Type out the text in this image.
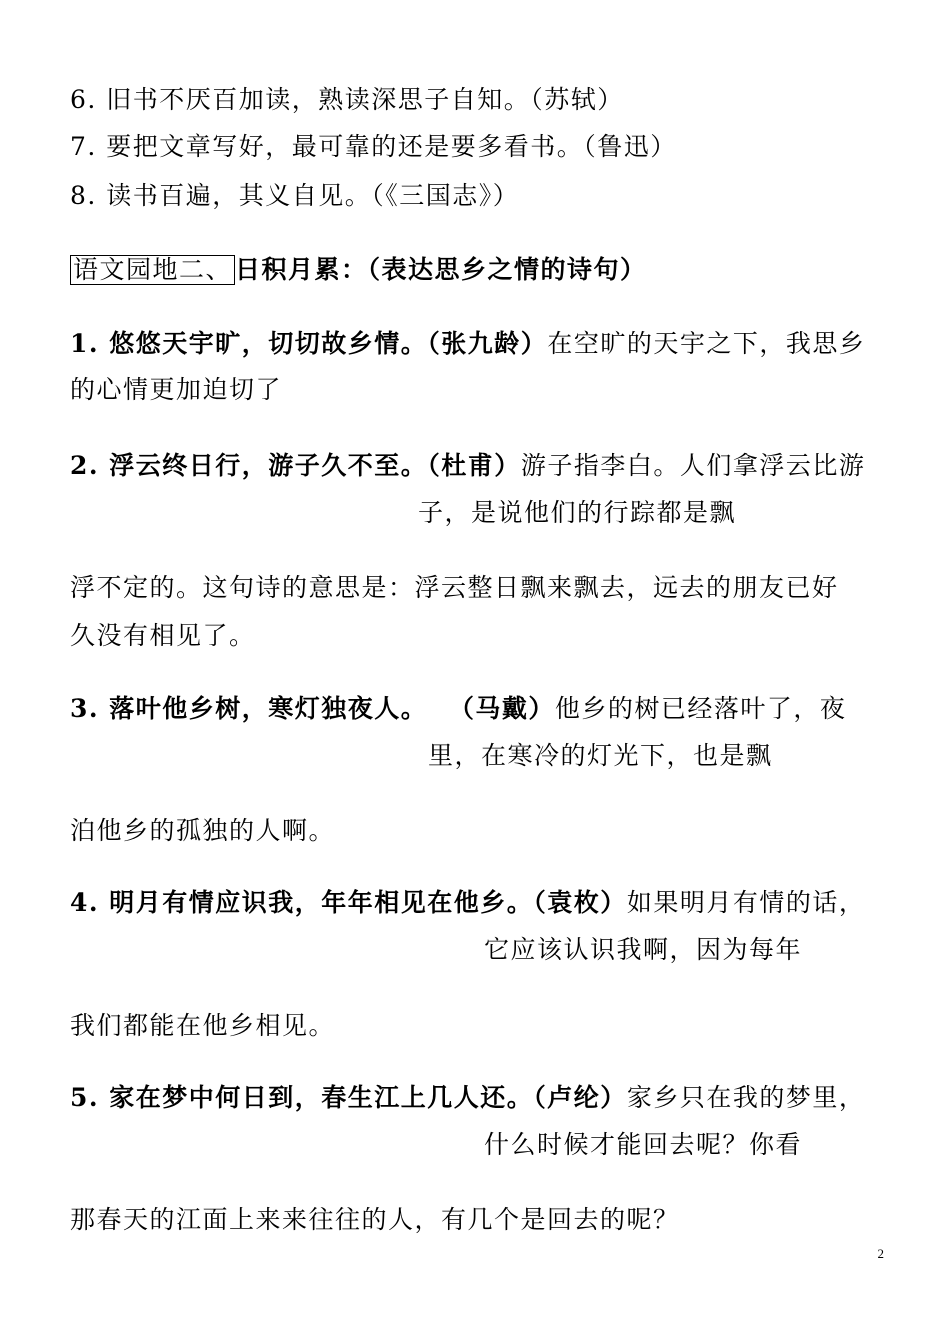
6. 旧书不厌百加读，熟读深思子自知。（苏轼）
7. 要把文章写好，最可靠的还是要多看书。（鲁迅）
8. 读书百遍，其义自见。（《三国志》）
语文园地二、 日积月累：（表达思乡之情的诗句）
1. 悠悠天宇旷，切切故乡情。（张九龄）在空旷的天宇之下，我思乡
的心情更加迫切了
2. 浮云终日行，游子久不至。（杜甫）游子指李白。人们拿浮云比游
子，是说他们的行踪都是飘
浮不定的。这句诗的意思是：浮云整日飘来飘去，远去的朋友已好
久没有相见了。
3. 落叶他乡树，寒灯独夜人。 （马戴）他乡的树已经落叶了，夜
里，在寒冷的灯光下，也是飘
泊他乡的孤独的人啊。
4. 明月有情应识我，年年相见在他乡。（袁枚）如果明月有情的话，
它应该认识我啊，因为每年
我们都能在他乡相见。
5. 家在梦中何日到，春生江上几人还。（卢纶）家乡只在我的梦里，
什么时候才能回去呢？你看
那春天的江面上来来往往的人，有几个是回去的呢？
2
